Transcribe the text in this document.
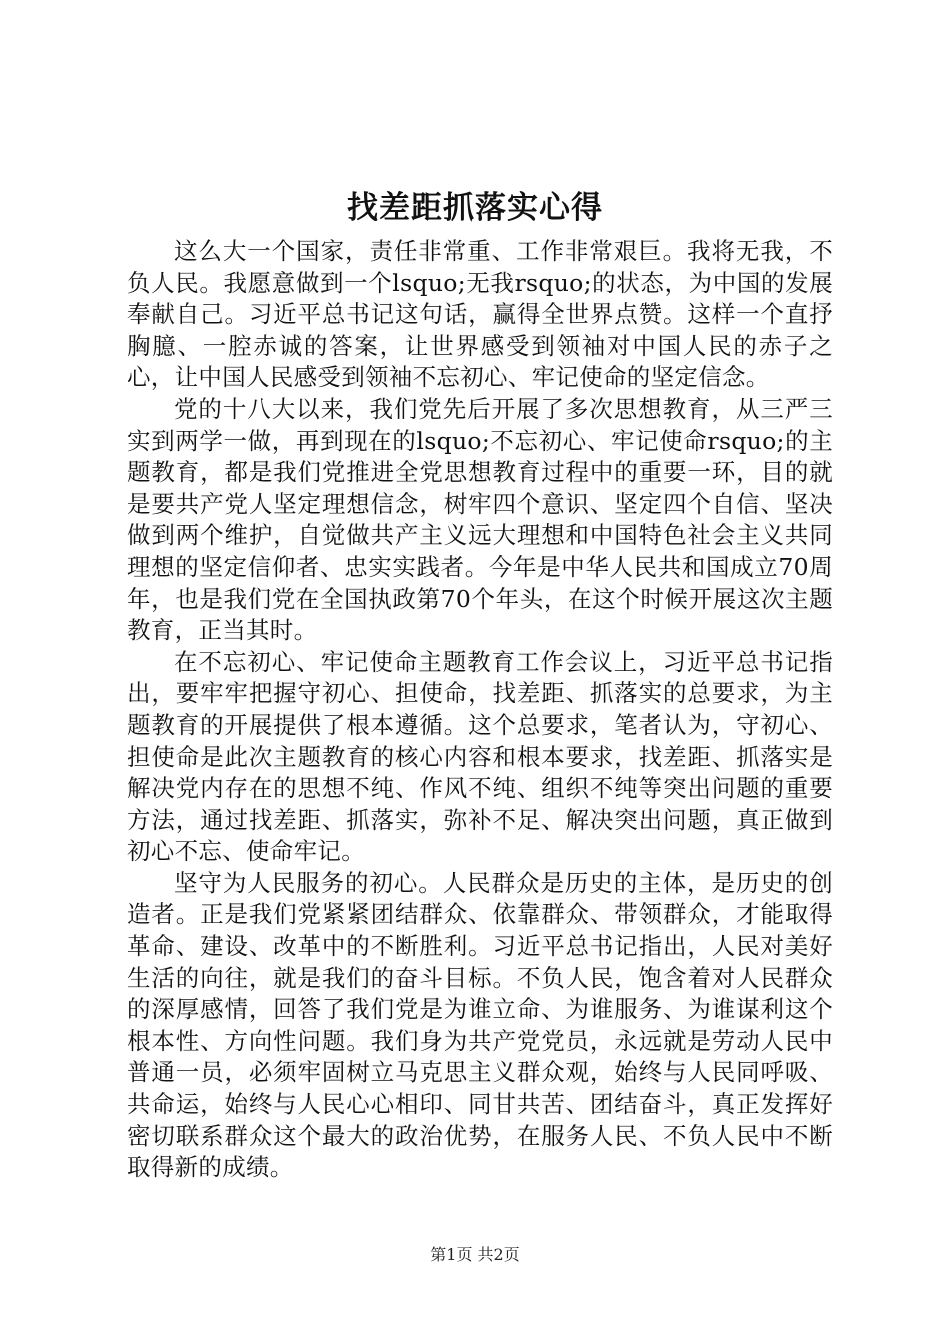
找差距抓落实心得

这么大一个国家，责任非常重、工作非常艰巨。我将无我，不负人民。我愿意做到一个lsquo;无我rsquo;的状态，为中国的发展奉献自己。习近平总书记这句话，赢得全世界点赞。这样一个直抒胸臆、一腔赤诚的答案，让世界感受到领袖对中国人民的赤子之心，让中国人民感受到领袖不忘初心、牢记使命的坚定信念。

党的十八大以来，我们党先后开展了多次思想教育，从三严三实到两学一做，再到现在的lsquo;不忘初心、牢记使命rsquo;的主题教育，都是我们党推进全党思想教育过程中的重要一环，目的就是要共产党人坚定理想信念，树牢四个意识、坚定四个自信、坚决做到两个维护，自觉做共产主义远大理想和中国特色社会主义共同理想的坚定信仰者、忠实实践者。今年是中华人民共和国成立70周年，也是我们党在全国执政第70个年头，在这个时候开展这次主题教育，正当其时。

在不忘初心、牢记使命主题教育工作会议上，习近平总书记指出，要牢牢把握守初心、担使命，找差距、抓落实的总要求，为主题教育的开展提供了根本遵循。这个总要求，笔者认为，守初心、担使命是此次主题教育的核心内容和根本要求，找差距、抓落实是解决党内存在的思想不纯、作风不纯、组织不纯等突出问题的重要方法，通过找差距、抓落实，弥补不足、解决突出问题，真正做到初心不忘、使命牢记。

坚守为人民服务的初心。人民群众是历史的主体，是历史的创造者。正是我们党紧紧团结群众、依靠群众、带领群众，才能取得革命、建设、改革中的不断胜利。习近平总书记指出，人民对美好生活的向往，就是我们的奋斗目标。不负人民，饱含着对人民群众的深厚感情，回答了我们党是为谁立命、为谁服务、为谁谋利这个根本性、方向性问题。我们身为共产党党员，永远就是劳动人民中普通一员，必须牢固树立马克思主义群众观，始终与人民同呼吸、共命运，始终与人民心心相印、同甘共苦、团结奋斗，真正发挥好密切联系群众这个最大的政治优势，在服务人民、不负人民中不断取得新的成绩。

第1页 共2页
